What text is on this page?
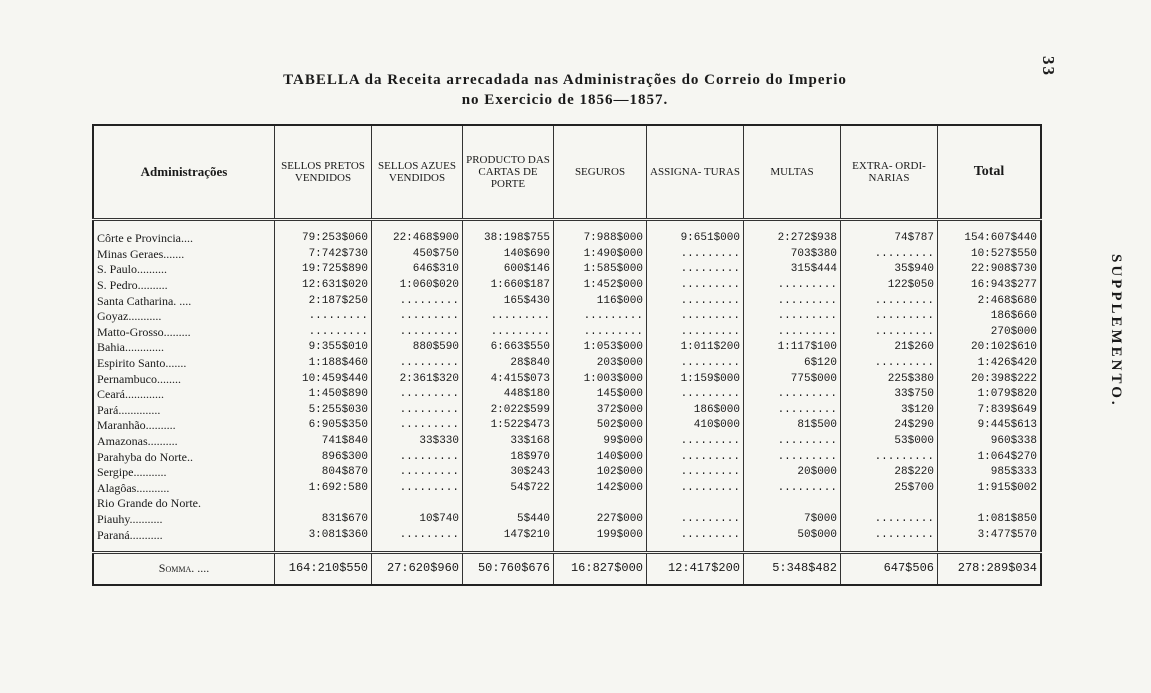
33
SUPPLEMENTO.
TABELLA da Receita arrecadada nas Administrações do Correio do Imperio
no Exercicio de 1856—1857.
Administrações	SELLOS PRETOS VENDIDOS	SELLOS AZUES VENDIDOS	PRODUCTO DAS CARTAS DE PORTE	SEGUROS	ASSIGNA- TURAS	MULTAS	EXTRA- ORDI- NARIAS	Total
Côrte e Provincia....	79:253$060	22:468$900	38:198$755	7:988$000	9:651$000	2:272$938	74$787	154:607$440
Minas Geraes.......	7:742$730	450$750	140$690	1:490$000	.........	703$380	.........	10:527$550
S. Paulo..........	19:725$890	646$310	600$146	1:585$000	.........	315$444	35$940	22:908$730
S. Pedro..........	12:631$020	1:060$020	1:660$187	1:452$000	.........	.........	122$050	16:943$277
Santa Catharina. ....	2:187$250	.........	165$430	116$000	.........	.........	.........	2:468$680
Goyaz...........	.........	.........	.........	.........	.........	.........	.........	186$660
Matto-Grosso.........	.........	.........	.........	.........	.........	.........	.........	270$000
Bahia.............	9:355$010	880$590	6:663$550	1:053$000	1:011$200	1:117$100	21$260	20:102$610
Espirito Santo.......	1:188$460	.........	28$840	203$000	.........	6$120	.........	1:426$420
Pernambuco........	10:459$440	2:361$320	4:415$073	1:003$000	1:159$000	775$000	225$380	20:398$222
Ceará.............	1:450$890	.........	448$180	145$000	.........	.........	33$750	1:079$820
Pará..............	5:255$030	.........	2:022$599	372$000	186$000	.........	3$120	7:839$649
Maranhão..........	6:905$350	.........	1:522$473	502$000	410$000	81$500	24$290	9:445$613
Amazonas..........	741$840	33$330	33$168	99$000	.........	.........	53$000	960$338
Parahyba do Norte..	896$300	.........	18$970	140$000	.........	.........	.........	1:064$270
Sergipe...........	804$870	.........	30$243	102$000	.........	20$000	28$220	985$333
Alagôas...........	1:692:580	.........	54$722	142$000	.........	.........	25$700	1:915$002
Rio Grande do Norte.								
Piauhy...........	831$670	10$740	5$440	227$000	.........	7$000	.........	1:081$850
Paraná...........	3:081$360	.........	147$210	199$000	.........	50$000	.........	3:477$570
Somma. ....	164:210$550	27:620$960	50:760$676	16:827$000	12:417$200	5:348$482	647$506	278:289$034
